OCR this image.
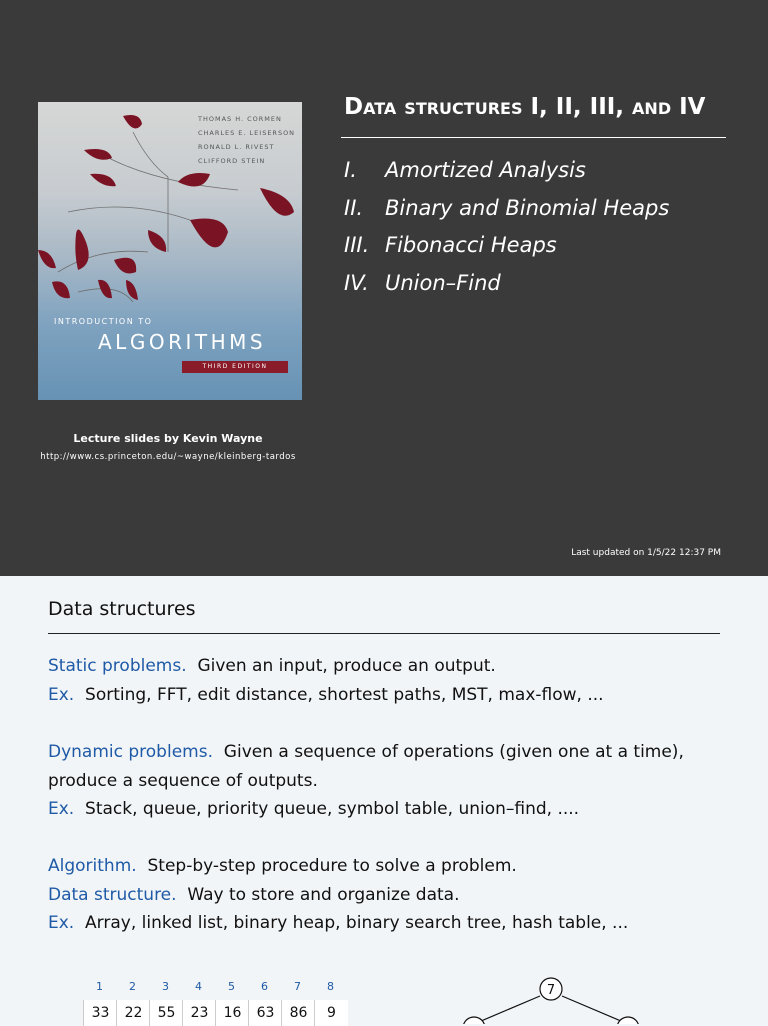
THOMAS H. CORMEN
CHARLES E. LEISERSON
RONALD L. RIVEST
CLIFFORD STEIN
INTRODUCTION TO
ALGORITHMS
THIRD EDITION
Lecture slides by Kevin Wayne
http://www.cs.princeton.edu/~wayne/kleinberg-tardos
Data structures I, II, III, and IV
I.	Amortized Analysis
II.	Binary and Binomial Heaps
III. Fibonacci Heaps
IV. Union–Find
Last updated on 1/5/22 12:37 PM
Data structures
Static problems. Given an input, produce an output.
Ex. Sorting, FFT, edit distance, shortest paths, MST, max-flow, ...
Dynamic problems. Given a sequence of operations (given one at a time),
produce a sequence of outputs.
Ex. Stack, queue, priority queue, symbol table, union–find, ....
Algorithm. Step-by-step procedure to solve a problem.
Data structure. Way to store and organize data.
Ex. Array, linked list, binary heap, binary search tree, hash table, ...
1	2	3	4	5	6	7	8
33	22	55	23	16	63	86	9
7
